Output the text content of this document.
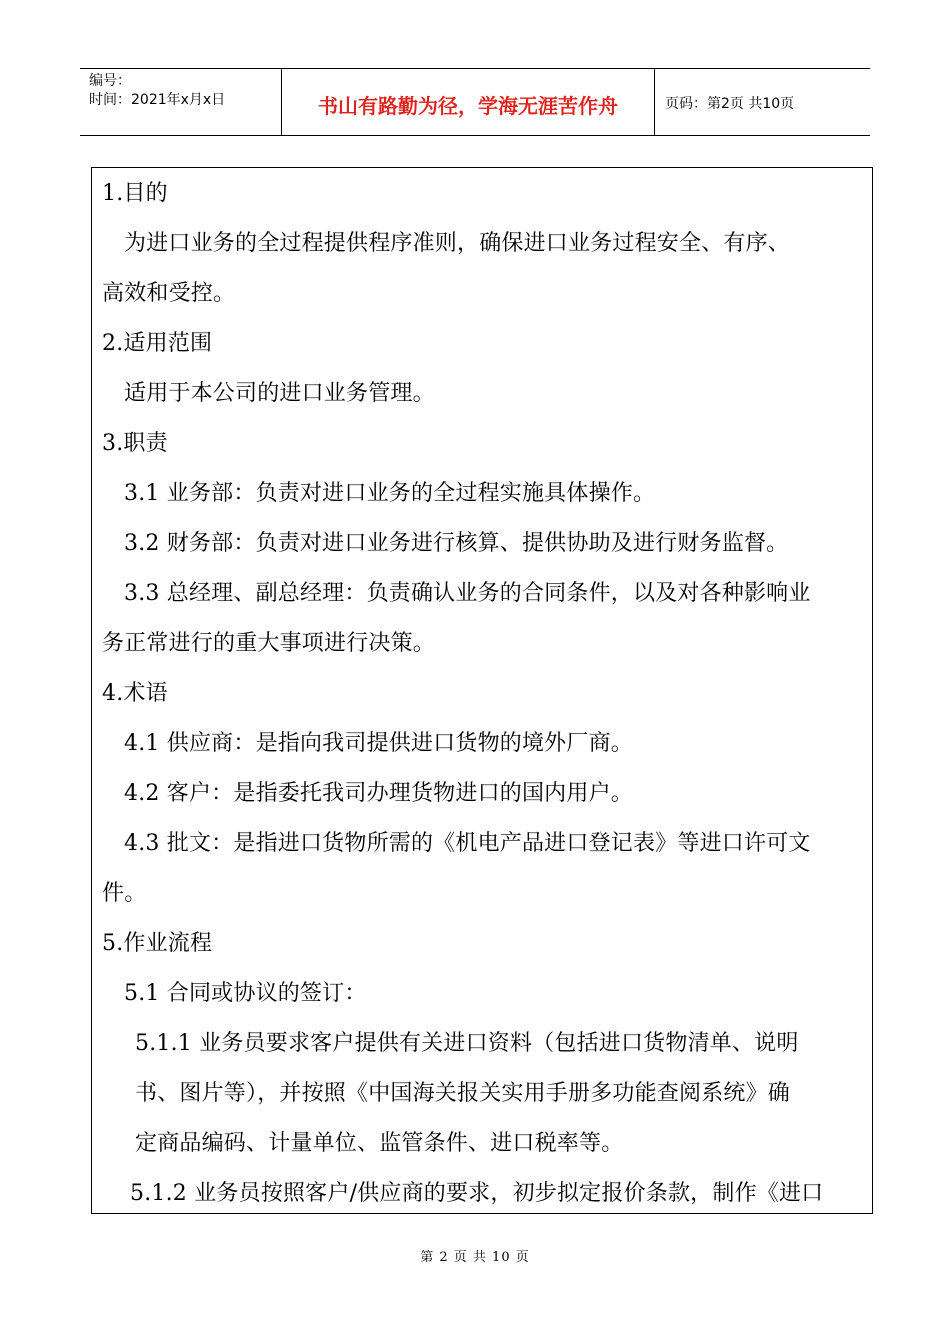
编号：
时间：2021年x月x日	书山有路勤为径，学海无涯苦作舟	页码：第2页 共10页
1.目的
为进口业务的全过程提供程序准则，确保进口业务过程安全、有序、
高效和受控。
2.适用范围
适用于本公司的进口业务管理。
3.职责
3.1 业务部：负责对进口业务的全过程实施具体操作。
3.2 财务部：负责对进口业务进行核算、提供协助及进行财务监督。
3.3 总经理、副总经理：负责确认业务的合同条件，以及对各种影响业
务正常进行的重大事项进行决策。
4.术语
4.1 供应商：是指向我司提供进口货物的境外厂商。
4.2 客户：是指委托我司办理货物进口的国内用户。
4.3 批文：是指进口货物所需的《机电产品进口登记表》等进口许可文
件。
5.作业流程
5.1 合同或协议的签订：
5.1.1 业务员要求客户提供有关进口资料（包括进口货物清单、说明
书、图片等），并按照《中国海关报关实用手册多功能查阅系统》确
定商品编码、计量单位、监管条件、进口税率等。
5.1.2 业务员按照客户/供应商的要求，初步拟定报价条款，制作《进口
第 2 页 共 10 页
